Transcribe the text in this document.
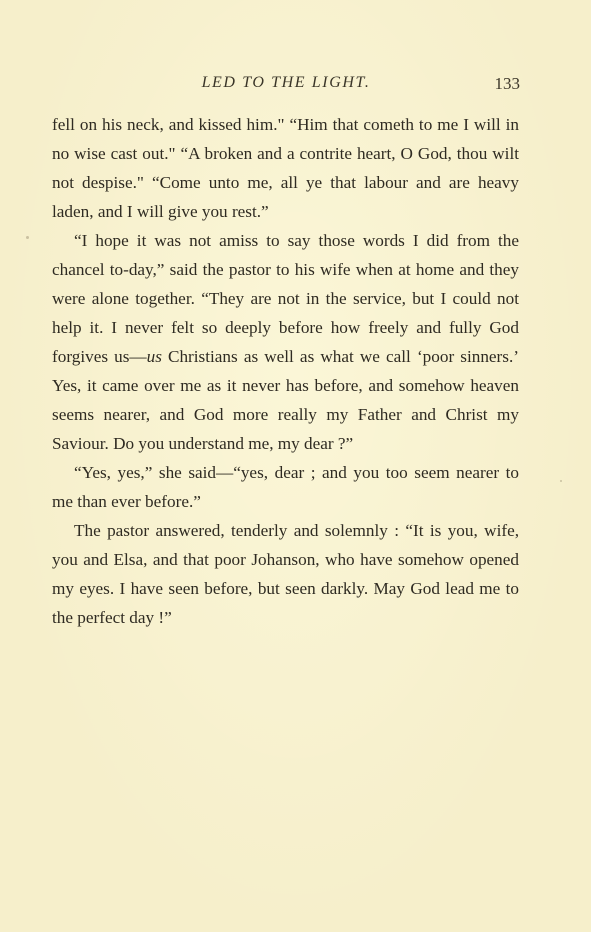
LED TO THE LIGHT.	133

fell on his neck, and kissed him." “Him that cometh to me I will in no wise cast out." “A broken and a contrite heart, O God, thou wilt not despise." “Come unto me, all ye that labour and are heavy laden, and I will give you rest.”

“I hope it was not amiss to say those words I did from the chancel to-day,” said the pastor to his wife when at home and they were alone together. “They are not in the service, but I could not help it. I never felt so deeply before how freely and fully God forgives us—us Christians as well as what we call ‘poor sinners.’ Yes, it came over me as it never has before, and somehow heaven seems nearer, and God more really my Father and Christ my Saviour. Do you understand me, my dear ?”

“Yes, yes,” she said—“yes, dear ; and you too seem nearer to me than ever before.”

The pastor answered, tenderly and solemnly : “It is you, wife, you and Elsa, and that poor Johanson, who have somehow opened my eyes. I have seen before, but seen darkly. May God lead me to the perfect day !”
